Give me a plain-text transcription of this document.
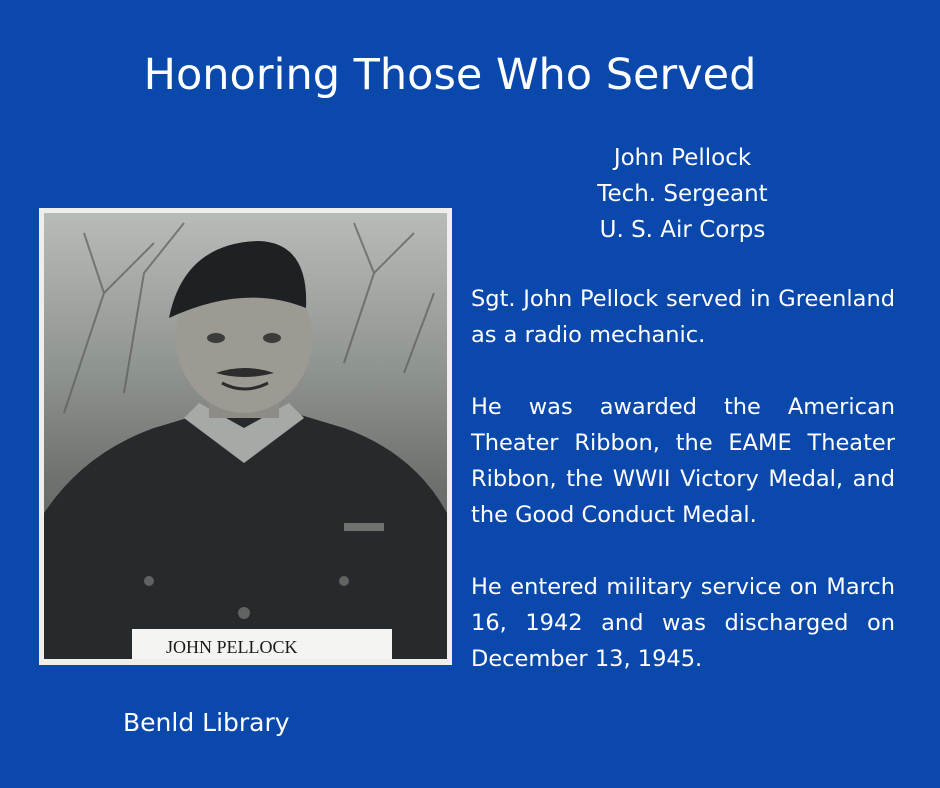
Honoring Those Who Served
John Pellock
Tech. Sergeant
U. S. Air Corps
JOHN PELLOCK

Sgt. John Pellock served in Greenland as a radio mechanic.

He was awarded the American Theater Ribbon, the EAME Theater Ribbon, the WWII Victory Medal, and the Good Conduct Medal.

He entered military service on March 16, 1942 and was discharged on December 13, 1945.

Benld Library
